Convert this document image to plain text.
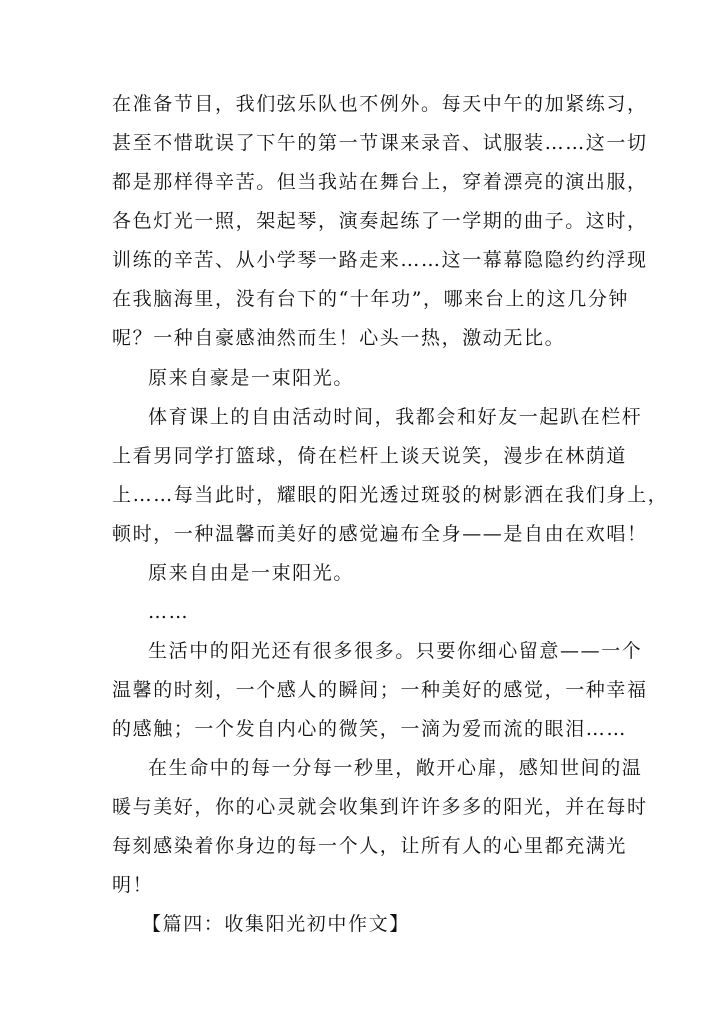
在准备节目，我们弦乐队也不例外。每天中午的加紧练习，
甚至不惜耽误了下午的第一节课来录音、试服装……这一切
都是那样得辛苦。但当我站在舞台上，穿着漂亮的演出服，
各色灯光一照，架起琴，演奏起练了一学期的曲子。这时，
训练的辛苦、从小学琴一路走来……这一幕幕隐隐约约浮现
在我脑海里，没有台下的“十年功”，哪来台上的这几分钟
呢？一种自豪感油然而生！心头一热，激动无比。
原来自豪是一束阳光。
体育课上的自由活动时间，我都会和好友一起趴在栏杆
上看男同学打篮球，倚在栏杆上谈天说笑，漫步在林荫道
上……每当此时，耀眼的阳光透过斑驳的树影洒在我们身上，
顿时，一种温馨而美好的感觉遍布全身——是自由在欢唱！
原来自由是一束阳光。
……
生活中的阳光还有很多很多。只要你细心留意——一个
温馨的时刻，一个感人的瞬间；一种美好的感觉，一种幸福
的感触；一个发自内心的微笑，一滴为爱而流的眼泪……
在生命中的每一分每一秒里，敞开心扉，感知世间的温
暖与美好，你的心灵就会收集到许许多多的阳光，并在每时
每刻感染着你身边的每一个人，让所有人的心里都充满光
明！
【篇四：收集阳光初中作文】
